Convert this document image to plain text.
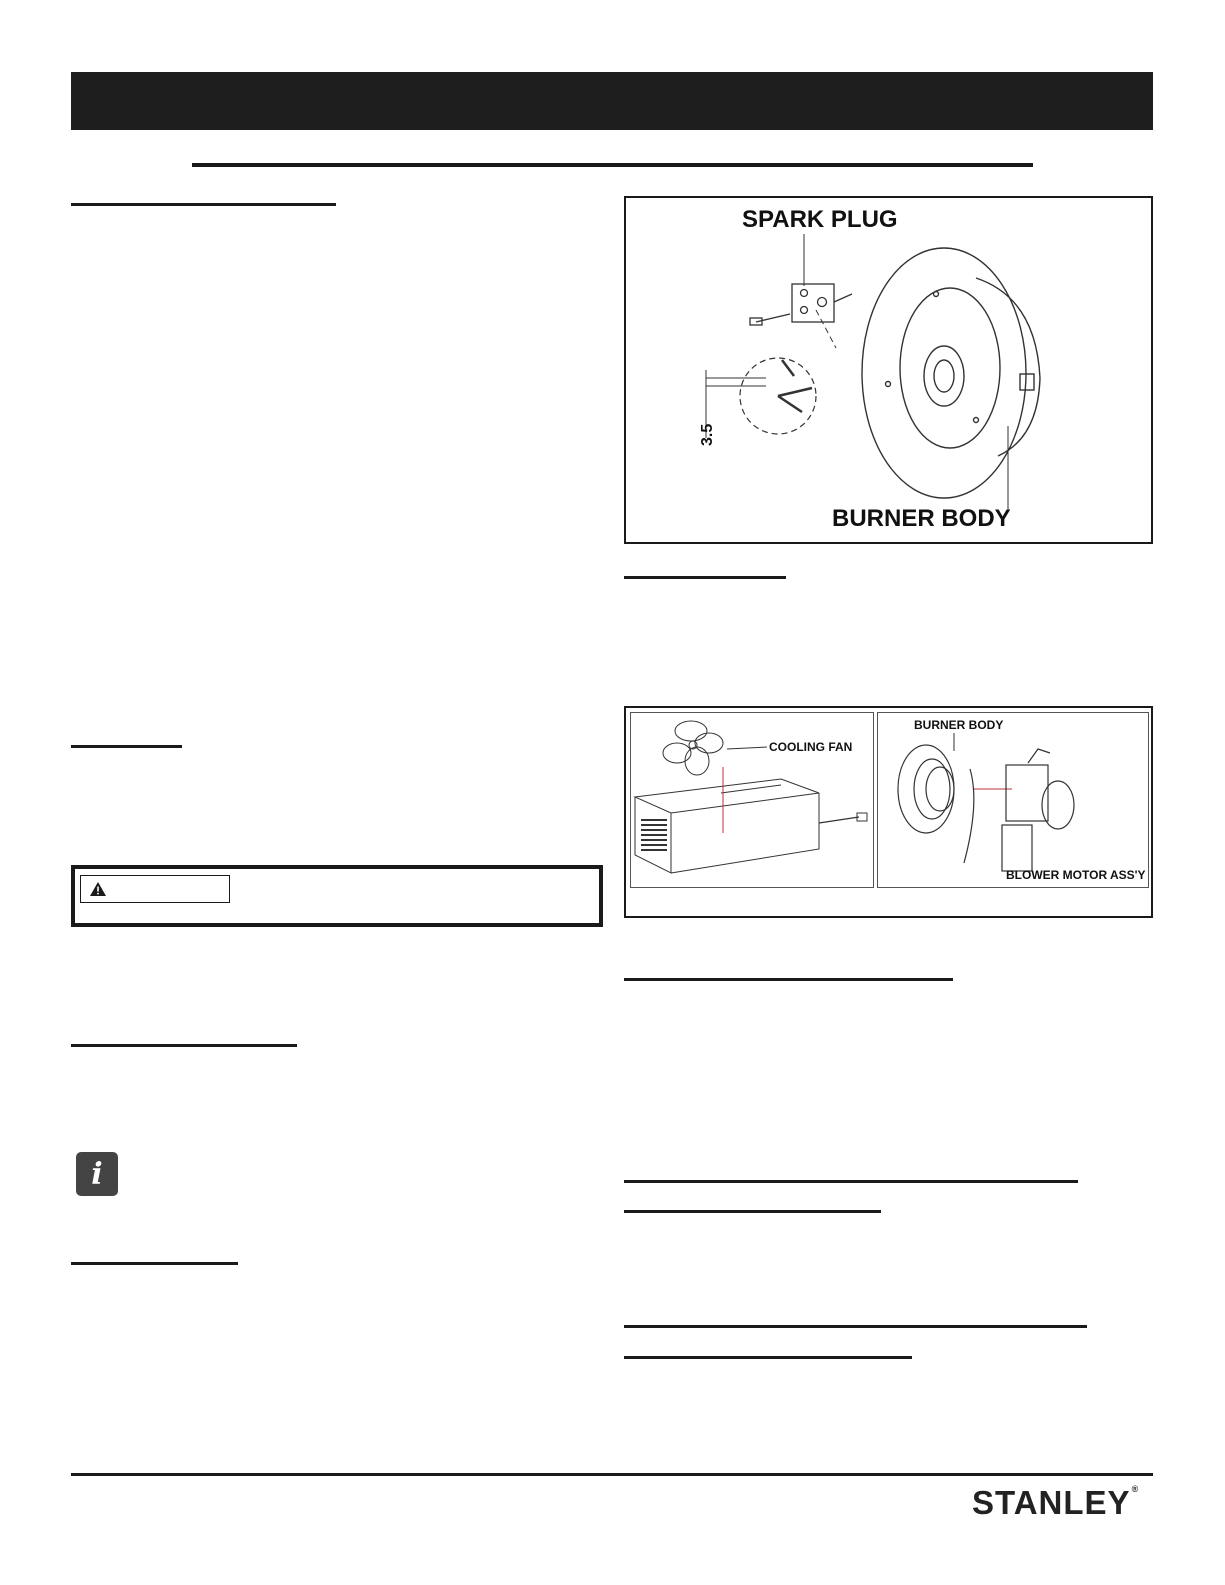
i
SPARK PLUG
BURNER BODY
3.5
COOLING FAN
BURNER BODY
BLOWER MOTOR ASS'Y
STANLEY®
